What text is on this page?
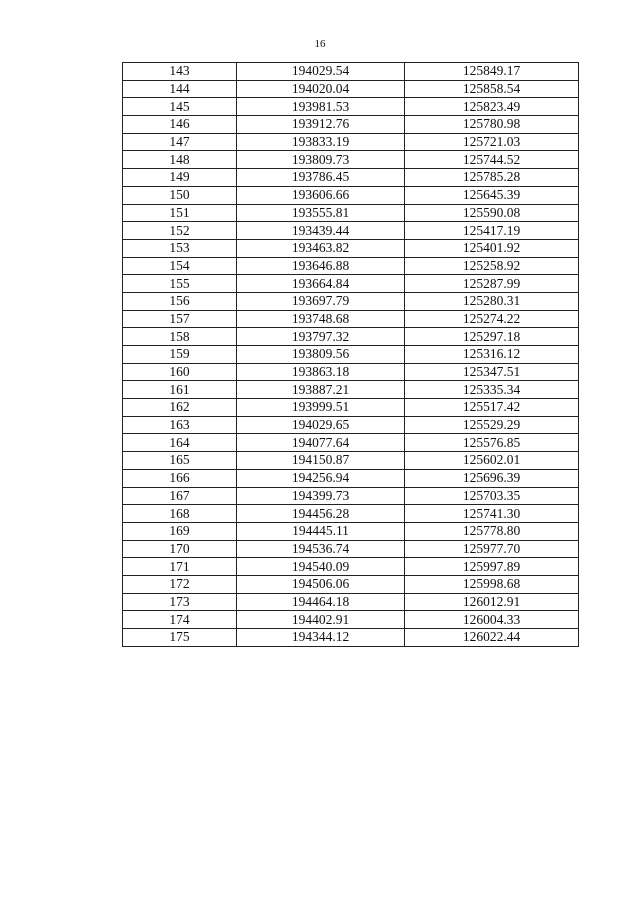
16
143	194029.54	125849.17
144	194020.04	125858.54
145	193981.53	125823.49
146	193912.76	125780.98
147	193833.19	125721.03
148	193809.73	125744.52
149	193786.45	125785.28
150	193606.66	125645.39
151	193555.81	125590.08
152	193439.44	125417.19
153	193463.82	125401.92
154	193646.88	125258.92
155	193664.84	125287.99
156	193697.79	125280.31
157	193748.68	125274.22
158	193797.32	125297.18
159	193809.56	125316.12
160	193863.18	125347.51
161	193887.21	125335.34
162	193999.51	125517.42
163	194029.65	125529.29
164	194077.64	125576.85
165	194150.87	125602.01
166	194256.94	125696.39
167	194399.73	125703.35
168	194456.28	125741.30
169	194445.11	125778.80
170	194536.74	125977.70
171	194540.09	125997.89
172	194506.06	125998.68
173	194464.18	126012.91
174	194402.91	126004.33
175	194344.12	126022.44
